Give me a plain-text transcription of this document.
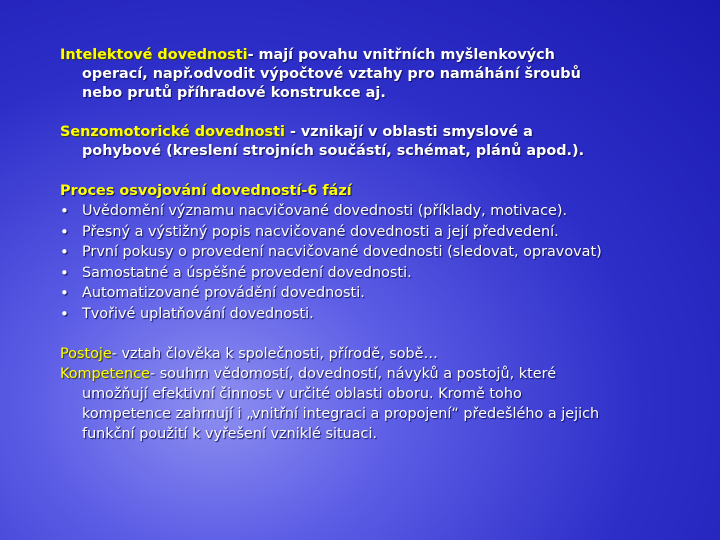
Intelektové dovednosti- mají povahu vnitřních myšlenkových
operací, např.odvodit výpočtové vztahy pro namáhání šroubů
nebo prutů příhradové konstrukce aj.
Senzomotorické dovednosti - vznikají v oblasti smyslové a
pohybové (kreslení strojních součástí, schémat, plánů apod.).
Proces osvojování dovedností-6 fází
• Uvědomění významu nacvičované dovednosti (příklady, motivace).
• Přesný a výstižný popis nacvičované dovednosti a její předvedení.
• První pokusy o provedení nacvičované dovednosti (sledovat, opravovat)
• Samostatné a úspěšné provedení dovednosti.
• Automatizované provádění dovednosti.
• Tvořivé uplatňování dovednosti.
Postoje- vztah člověka k společnosti, přírodě, sobě…
Kompetence- souhrn vědomostí, dovedností, návyků a postojů, které
umožňují efektivní činnost v určité oblasti oboru. Kromě toho
kompetence zahrnují i „vnitřní integraci a propojení“ předešlého a jejich
funkční použití k vyřešení vzniklé situaci.
